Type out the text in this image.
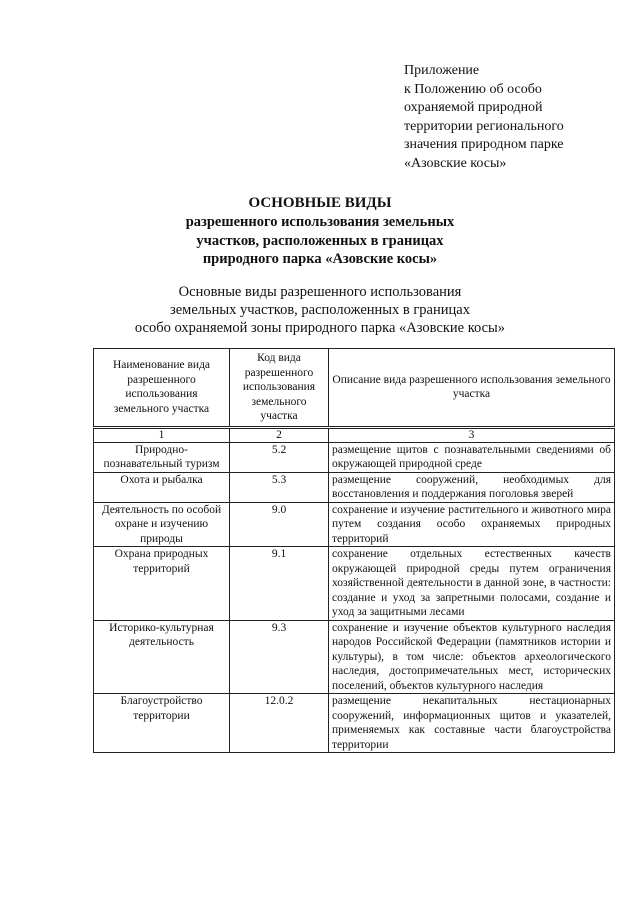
Приложение
к Положению об особо
охраняемой природной
территории регионального
значения природном парке
«Азовские косы»
ОСНОВНЫЕ ВИДЫ
разрешенного использования земельных
участков, расположенных в границах
природного парка «Азовские косы»
Основные виды разрешенного использования
земельных участков, расположенных в границах
особо охраняемой зоны природного парка «Азовские косы»
Наименование вида разрешенного использования земельного участка	Код вида разрешенного использования земельного участка	Описание вида разрешенного использования земельного участка
1	2	3
Природно-познавательный туризм	5.2	размещение щитов с познавательными сведениями об окружающей природной среде
Охота и рыбалка	5.3	размещение сооружений, необходимых для восстановления и поддержания поголовья зверей
Деятельность по особой охране и изучению природы	9.0	сохранение и изучение растительного и животного мира путем создания особо охраняемых природных территорий
Охрана природных территорий	9.1	сохранение отдельных естественных качеств окружающей природной среды путем ограничения хозяйственной деятельности в данной зоне, в частности: создание и уход за запретными полосами, создание и уход за защитными лесами
Историко-культурная деятельность	9.3	сохранение и изучение объектов культурного наследия народов Российской Федерации (памятников истории и культуры), в том числе: объектов археологического наследия, достопримечательных мест, исторических поселений, объектов культурного наследия
Благоустройство территории	12.0.2	размещение некапитальных нестационарных сооружений, информационных щитов и указателей, применяемых как составные части благоустройства территории
